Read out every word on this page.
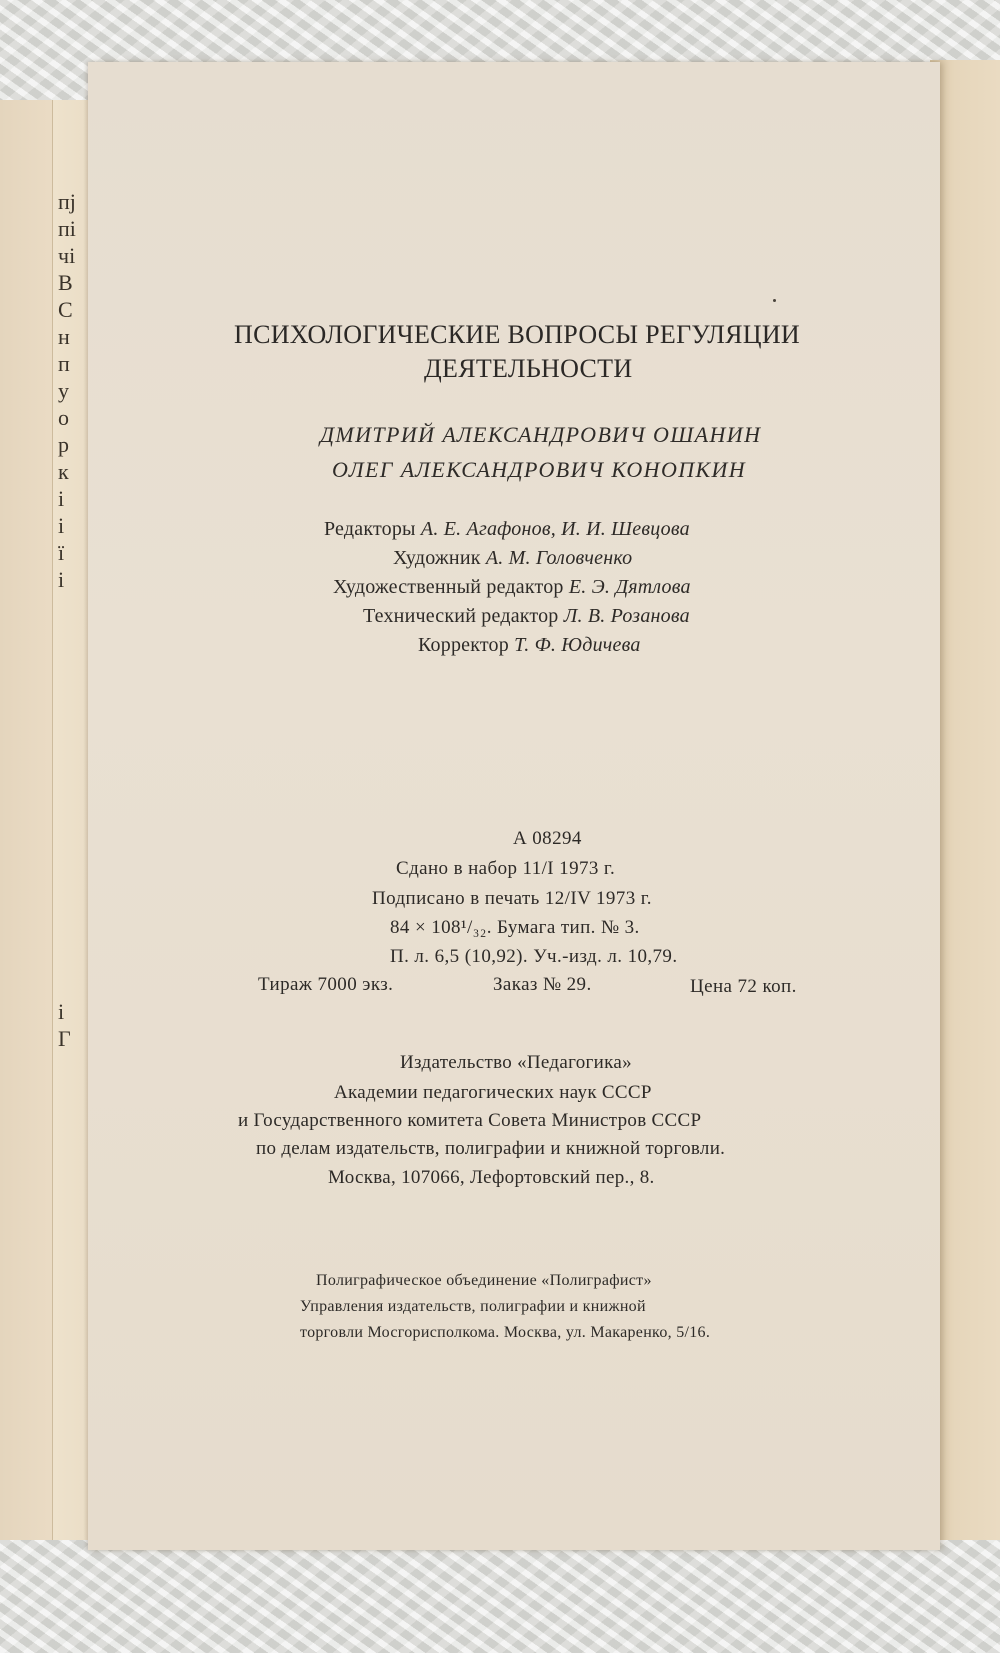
пј
пі
чі
В
С
н
п
у
о
р
к
і
і
ї
і

і
Г
ПСИХОЛОГИЧЕСКИЕ ВОПРОСЫ РЕГУЛЯЦИИ
ДЕЯТЕЛЬНОСТИ
ДМИТРИЙ АЛЕКСАНДРОВИЧ ОШАНИН
ОЛЕГ АЛЕКСАНДРОВИЧ КОНОПКИН
Редакторы А. Е. Агафонов, И. И. Шевцова
Художник А. М. Головченко
Художественный редактор Е. Э. Дятлова
Технический редактор Л. В. Розанова
Корректор Т. Ф. Юдичева
А 08294
Сдано в набор 11/I 1973 г.
Подписано в печать 12/IV 1973 г.
84 × 108¹/₃₂. Бумага тип. № 3.
П. л. 6,5 (10,92). Уч.-изд. л. 10,79.
Тираж 7000 экз.	Заказ № 29.	Цена 72 коп.
Издательство «Педагогика»
Академии педагогических наук СССР
и Государственного комитета Совета Министров СССР
по делам издательств, полиграфии и книжной торговли.
Москва, 107066, Лефортовский пер., 8.
Полиграфическое объединение «Полиграфист»
Управления издательств, полиграфии и книжной
торговли Мосгорисполкома. Москва, ул. Макаренко, 5/16.
